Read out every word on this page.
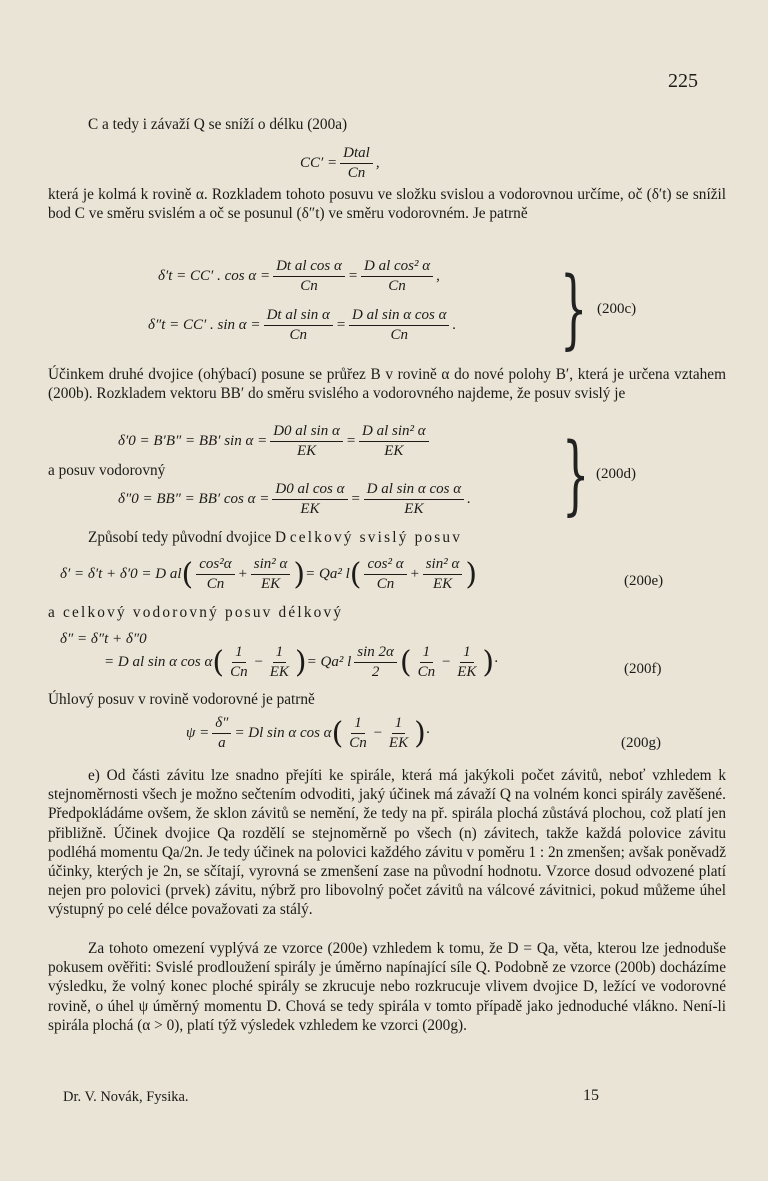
225

C a tedy i závaží Q se sníží o délku (200a)

$CC' = \frac{\text{Dtal}}{Cn}$ ,

která je kolmá k rovině α. Rozkladem tohoto posuvu ve složku svislou a vodorovnou určíme, oč (δ′t) se snížil bod C ve směru svislém a oč se posunul (δ″t) ve směru vodorovném. Je patrně

δ′t = CC′ . $\cos \alpha = \frac{\text{Dt al cos α}}{Cn} = \frac{\text{D al cos² α}}{Cn}$ ,
δ″t = CC′ . $\sin \alpha = \frac{\text{Dt al sin α}}{Cn} = \frac{\text{D al sin α cos α}}{Cn}$ . } (200c)

Účinkem druhé dvojice (ohýbací) posune se průřez B v rovině α do nové polohy B′, která je určena vztahem (200b). Rozkladem vektoru BB′ do směru svislého a vodorovného najdeme, že posuv svislý je

δ′0 = B′B″ = BB′ $\sin \alpha = \frac{\text{D0 al sin α}}{EK} = \frac{\text{D al sin² α}}{EK}$

a posuv vodorovný

δ″0 = BB″ = BB′ $\cos \alpha = \frac{\text{D0 al cos α}}{EK} = \frac{\text{D al sin α cos α}}{EK}$ . } (200d)

Způsobí tedy původní dvojice D celkový svislý posuv

δ′ = δ′t + δ′0 = D al ( $\frac{\text{cos²α}}{Cn} + \frac{\text{sin² α}}{EK}$ ) = Qa² l ( $\frac{\text{cos² α}}{Cn} + \frac{\text{sin² α}}{EK}$ )	(200e)

a celkový vodorovný posuv délkový

δ″ = δ″t + δ″0
= D al sin α cos α ( $\frac{1}{Cn} - \frac{1}{EK}$ ) = Qa² l $\frac{\sin 2\alpha}{2}$ ( $\frac{1}{Cn} - \frac{1}{EK}$ ) ·	(200f)

Úhlový posuv v rovině vodorovné je patrně

$\psi = \frac{\delta''}{a} = Dl$ sin α cos α ( $\frac{1}{Cn} - \frac{1}{EK}$ ) ·
(200g)

e) Od části závitu lze snadno přejíti ke spirále, která má jakýkoli počet závitů, neboť vzhledem k stejnoměrnosti všech je možno sečtením odvoditi, jaký účinek má závaží Q na volném konci spirály zavěšené. Předpokládáme ovšem, že sklon závitů se nemění, že tedy na př. spirála plochá zůstává plochou, což platí jen přibližně. Účinek dvojice Qa rozdělí se stejnoměrně po všech (n) závitech, takže každá polovice závitu podléhá momentu Qa/2n. Je tedy účinek na polovici každého závitu v poměru 1 : 2n zmenšen; avšak poněvadž účinky, kterých je 2n, se sčítají, vyrovná se zmenšení zase na původní hodnotu. Vzorce dosud odvozené platí nejen pro polovici (prvek) závitu, nýbrž pro libovolný počet závitů na válcové závitnici, pokud můžeme úhel výstupný po celé délce považovati za stálý.

Za tohoto omezení vyplývá ze vzorce (200e) vzhledem k tomu, že D = Qa, věta, kterou lze jednoduše pokusem ověřiti: Svislé prodloužení spirály je úměrno napínající síle Q. Podobně ze vzorce (200b) docházíme výsledku, že volný konec ploché spirály se zkrucuje nebo rozkrucuje vlivem dvojice D, ležící ve vodorovné rovině, o úhel ψ úměrný momentu D. Chová se tedy spirála v tomto případě jako jednoduché vlákno. Není-li spirála plochá (α > 0), platí týž výsledek vzhledem ke vzorci (200g).

Dr. V. Novák, Fysika.	15
